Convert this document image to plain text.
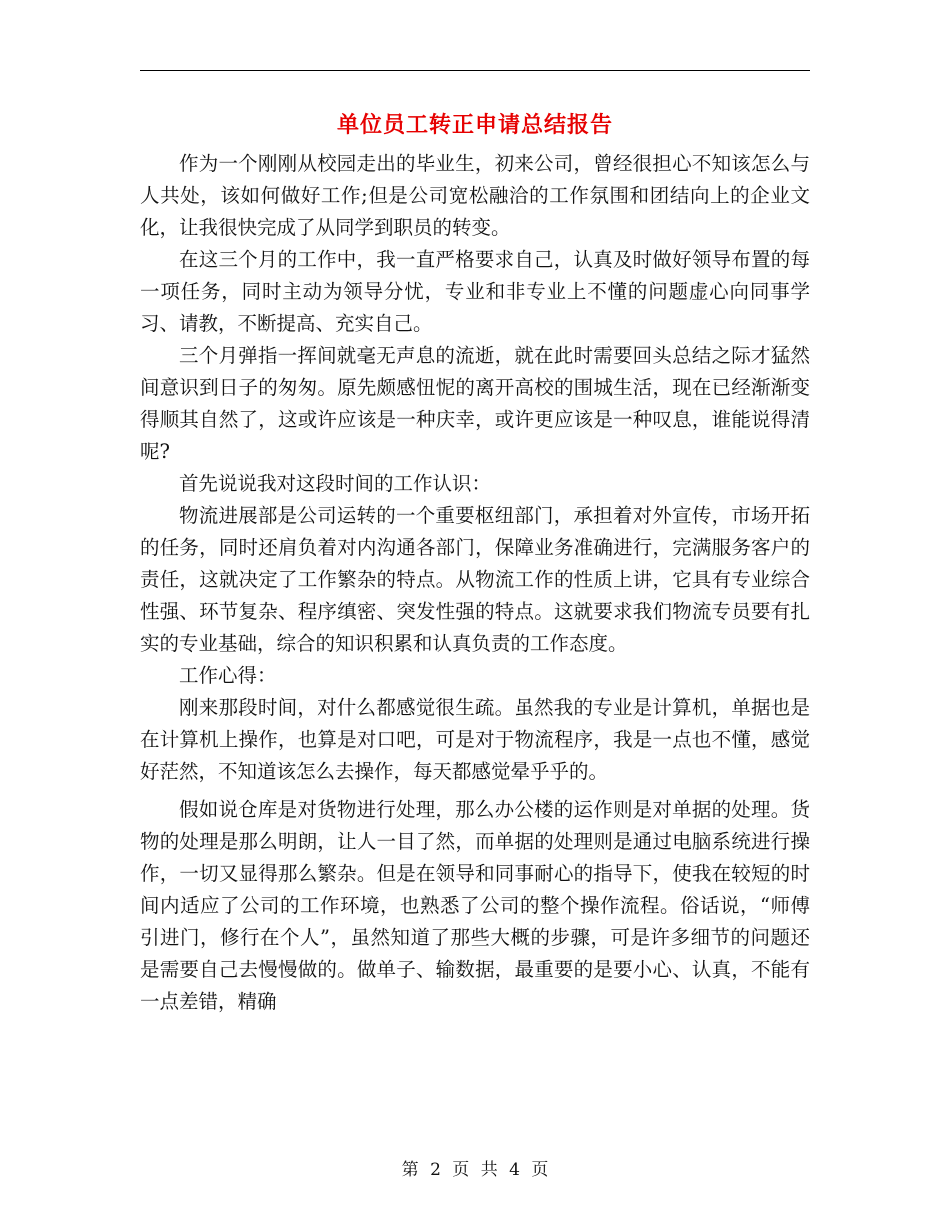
单位员工转正申请总结报告

作为一个刚刚从校园走出的毕业生，初来公司，曾经很担心不知该怎么与人共处，该如何做好工作;但是公司宽松融洽的工作氛围和团结向上的企业文化，让我很快完成了从同学到职员的转变。

在这三个月的工作中，我一直严格要求自己，认真及时做好领导布置的每一项任务，同时主动为领导分忧，专业和非专业上不懂的问题虚心向同事学习、请教，不断提高、充实自己。

三个月弹指一挥间就毫无声息的流逝，就在此时需要回头总结之际才猛然间意识到日子的匆匆。原先颇感忸怩的离开高校的围城生活，现在已经渐渐变得顺其自然了，这或许应该是一种庆幸，或许更应该是一种叹息，谁能说得清呢?

首先说说我对这段时间的工作认识：

物流进展部是公司运转的一个重要枢纽部门，承担着对外宣传，市场开拓的任务，同时还肩负着对内沟通各部门，保障业务准确进行，完满服务客户的责任，这就决定了工作繁杂的特点。从物流工作的性质上讲，它具有专业综合性强、环节复杂、程序缜密、突发性强的特点。这就要求我们物流专员要有扎实的专业基础，综合的知识积累和认真负责的工作态度。

工作心得：

刚来那段时间，对什么都感觉很生疏。虽然我的专业是计算机，单据也是在计算机上操作，也算是对口吧，可是对于物流程序，我是一点也不懂，感觉好茫然，不知道该怎么去操作，每天都感觉晕乎乎的。

假如说仓库是对货物进行处理，那么办公楼的运作则是对单据的处理。货物的处理是那么明朗，让人一目了然，而单据的处理则是通过电脑系统进行操作，一切又显得那么繁杂。但是在领导和同事耐心的指导下，使我在较短的时间内适应了公司的工作环境，也熟悉了公司的整个操作流程。俗话说，“师傅引进门，修行在个人”，虽然知道了那些大概的步骤，可是许多细节的问题还是需要自己去慢慢做的。做单子、输数据，最重要的是要小心、认真，不能有一点差错，精确

第 2 页 共 4 页
